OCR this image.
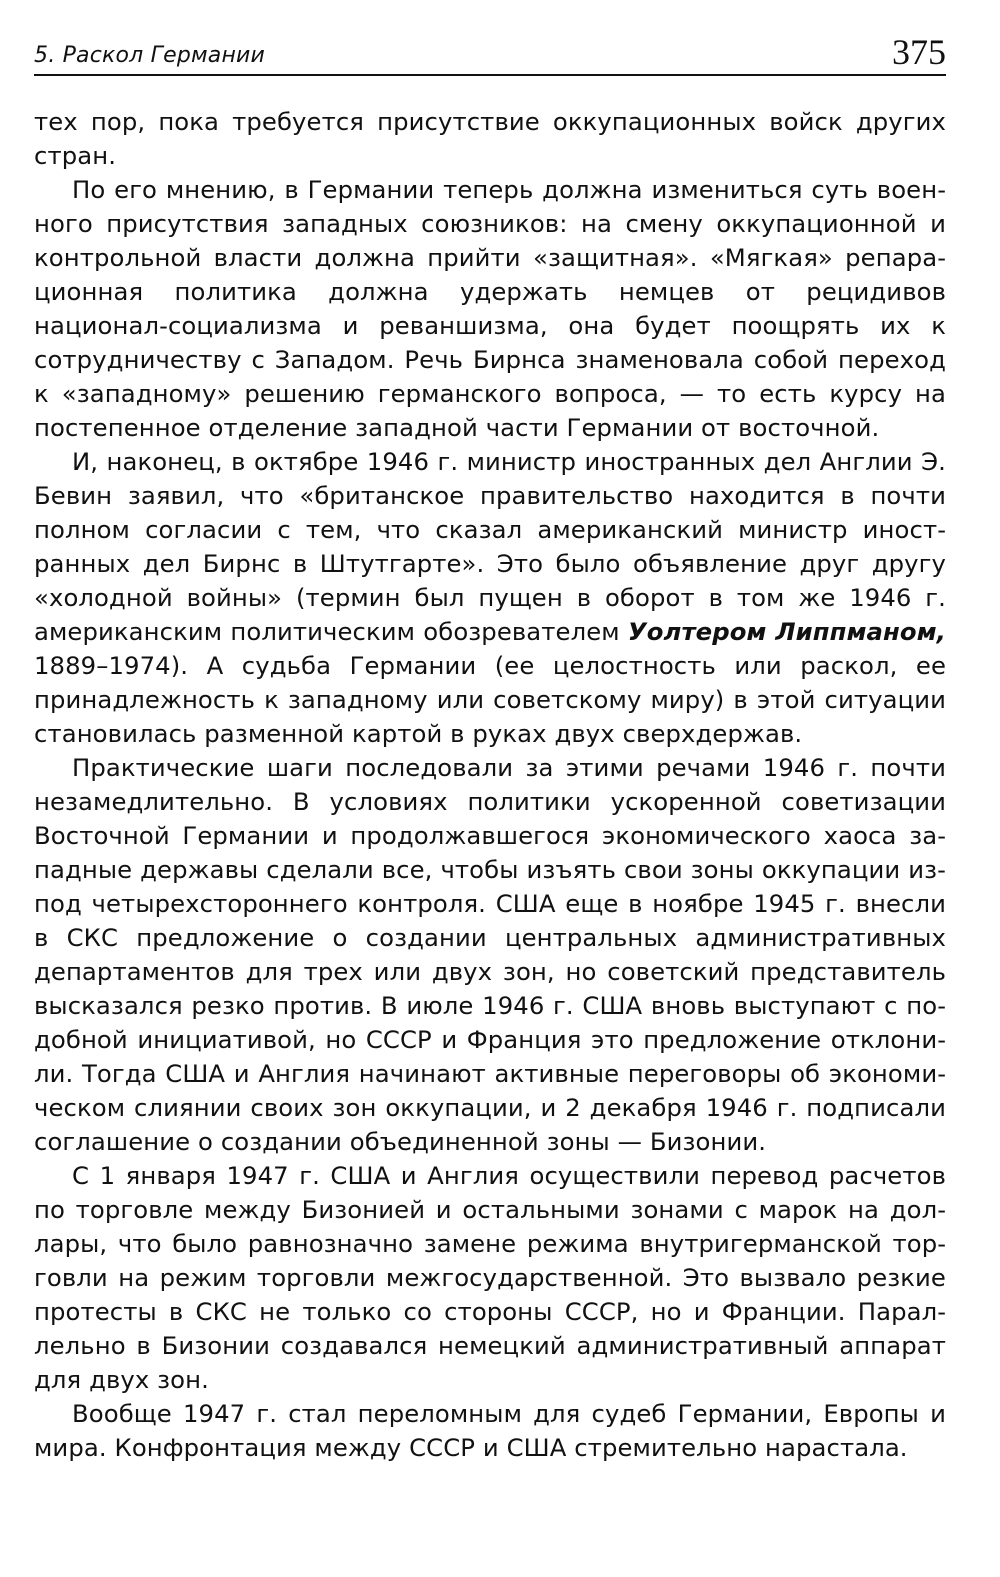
5. Раскол Германии	375

тех пор, пока требуется присутствие оккупационных войск других стран.

По его мнению, в Германии теперь должна измениться суть военного присутствия западных союзников: на смену оккупационной и контрольной власти должна прийти «защитная». «Мягкая» репарационная политика должна удержать немцев от рецидивов национал-социализма и реваншизма, она будет поощрять их к сотрудничеству с Западом. Речь Бирнса знаменовала собой переход к «западному» решению германского вопроса, — то есть курсу на постепенное отделение западной части Германии от восточной.

И, наконец, в октябре 1946 г. министр иностранных дел Англии Э. Бевин заявил, что «британское правительство находится в почти полном согласии с тем, что сказал американский министр иностранных дел Бирнс в Штутгарте». Это было объявление друг другу «холодной войны» (термин был пущен в оборот в том же 1946 г. американским политическим обозревателем Уолтером Липпманом, 1889–1974). А судьба Германии (ее целостность или раскол, ее принадлежность к западному или советскому миру) в этой ситуации становилась разменной картой в руках двух сверхдержав.

Практические шаги последовали за этими речами 1946 г. почти незамедлительно. В условиях политики ускоренной советизации Восточной Германии и продолжавшегося экономического хаоса западные державы сделали все, чтобы изъять свои зоны оккупации из-под четырехстороннего контроля. США еще в ноябре 1945 г. внесли в СКС предложение о создании центральных административных департаментов для трех или двух зон, но советский представитель высказался резко против. В июле 1946 г. США вновь выступают с подобной инициативой, но СССР и Франция это предложение отклонили. Тогда США и Англия начинают активные переговоры об экономическом слиянии своих зон оккупации, и 2 декабря 1946 г. подписали соглашение о создании объединенной зоны — Бизонии.

С 1 января 1947 г. США и Англия осуществили перевод расчетов по торговле между Бизонией и остальными зонами с марок на доллары, что было равнозначно замене режима внутригерманской торговли на режим торговли межгосударственной. Это вызвало резкие протесты в СКС не только со стороны СССР, но и Франции. Параллельно в Бизонии создавался немецкий административный аппарат для двух зон.

Вообще 1947 г. стал переломным для судеб Германии, Европы и мира. Конфронтация между СССР и США стремительно нарастала.
